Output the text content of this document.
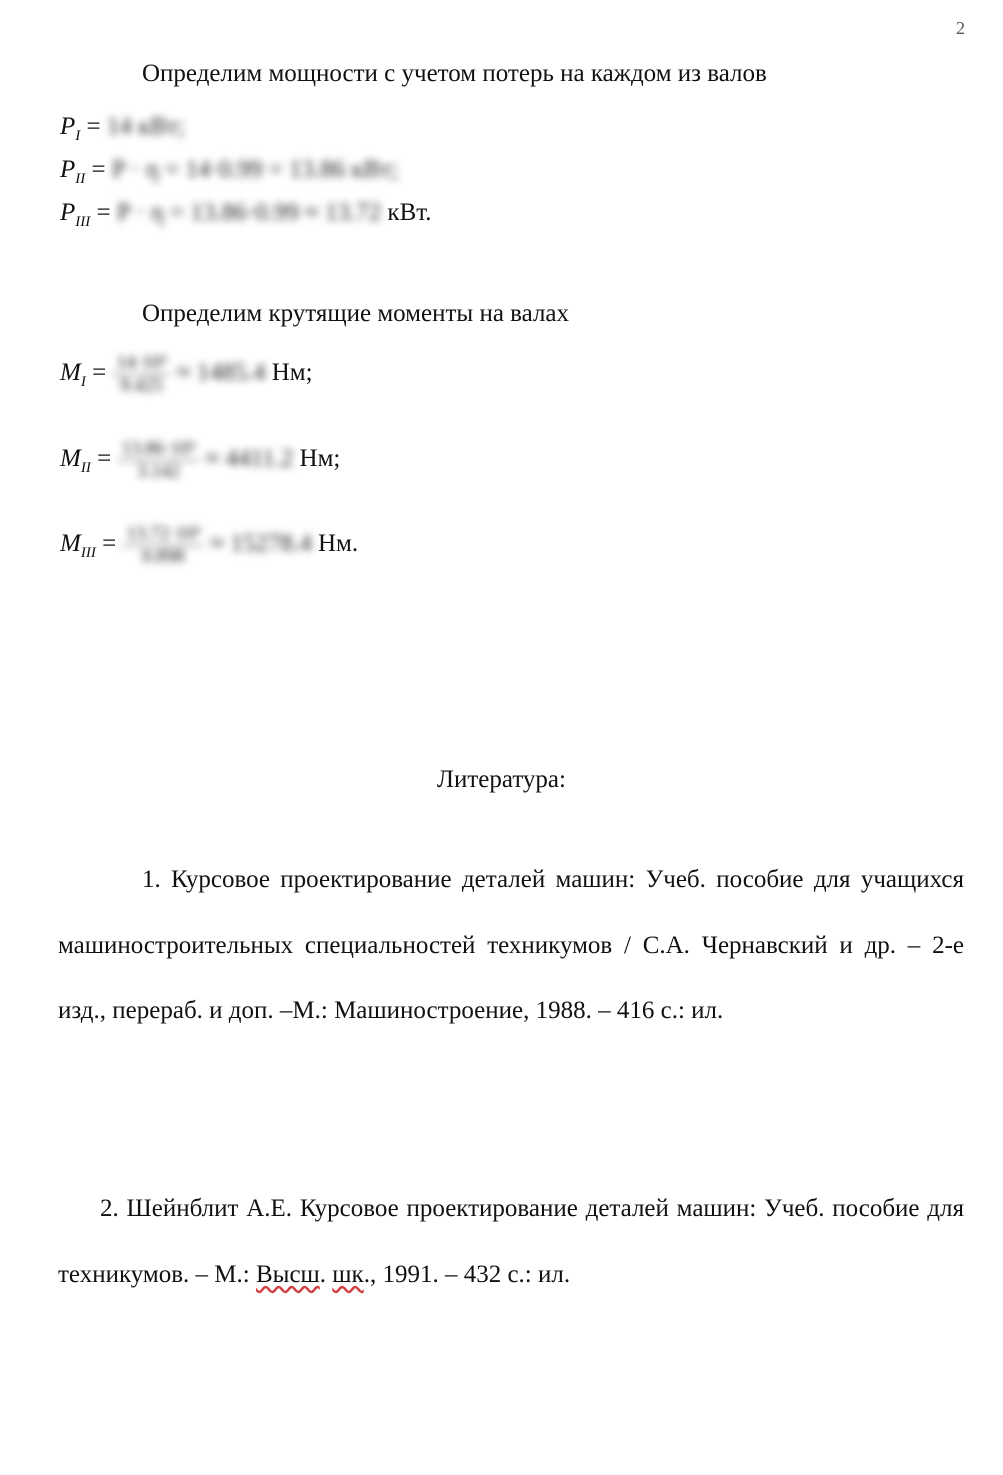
2
Определим мощности с учетом потерь на каждом из валов
$P_I = 14$ кВт;
$P_{II} = P \cdot \eta = 14\cdot 0.99 = 13.86$ кВт;
$P_{III} = P \cdot \eta = 13.86\cdot 0.99 \approx 13.72$ кВт.
Определим крутящие моменты на валах
$M_I = \frac{\text{14·10³}}{9.425} \approx 1485.4$ Нм;
$M_{II} = \frac{\text{13.86·10³}}{3.142} \approx 4411.2$ Нм;
$M_{III} = \frac{\text{13.72·10³}}{0.898} \approx 15278.4$ Нм.
Литература:

1. Курсовое проектирование деталей машин: Учеб. пособие для учащихся машиностроительных специальностей техникумов / С.А. Чернавский и др. – 2-е изд., перераб. и доп. –М.: Машиностроение, 1988. – 416 с.: ил.

2. Шейнблит А.Е. Курсовое проектирование деталей машин: Учеб. пособие для техникумов. – М.: Высш. шк., 1991. – 432 с.: ил.
